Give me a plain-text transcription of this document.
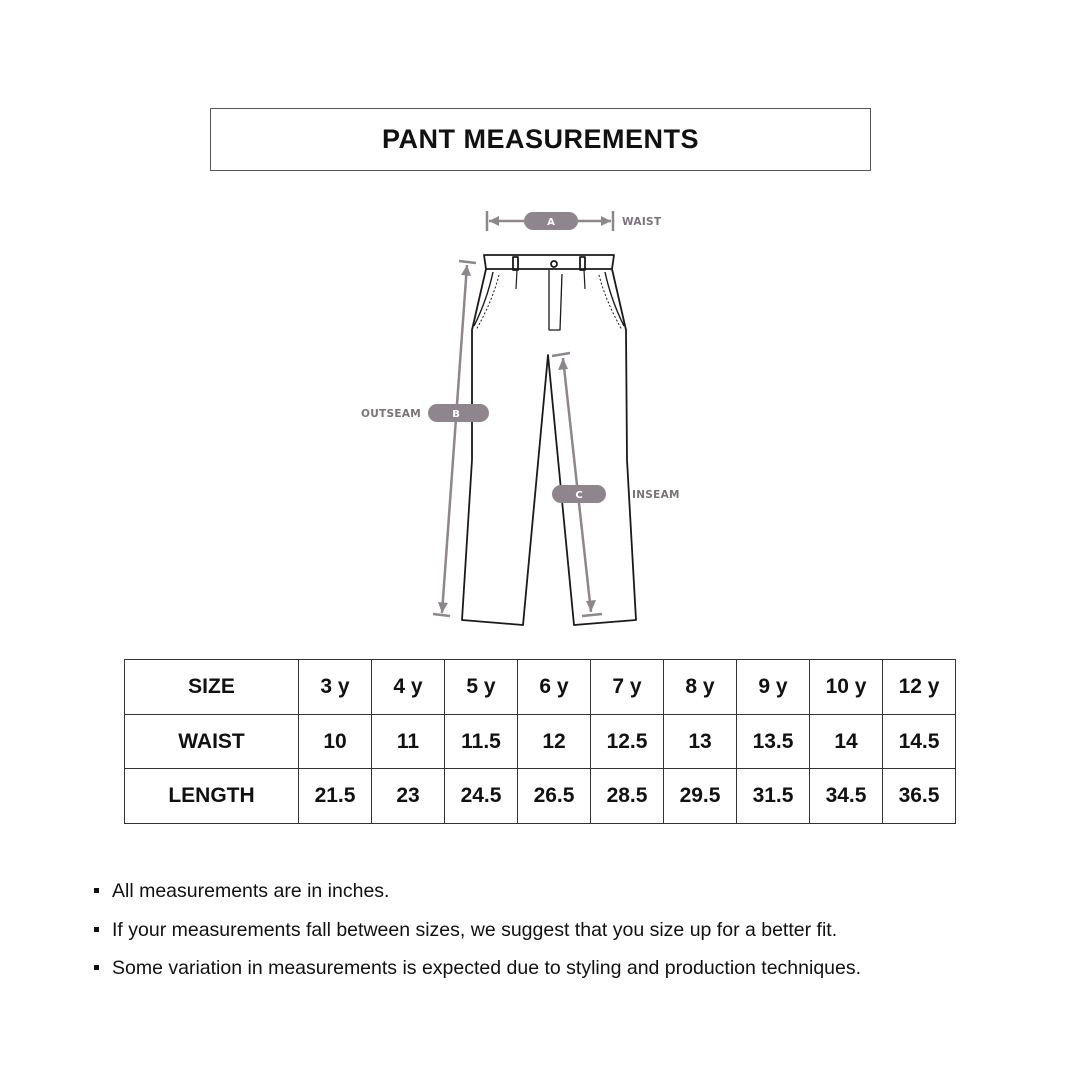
PANT MEASUREMENTS
A	WAIST
B
OUTSEAM
C	INSEAM
SIZE	3 y	4 y	5 y	6 y	7 y	8 y	9 y	10 y	12 y
WAIST	10	11	11.5	12	12.5	13	13.5	14	14.5
LENGTH	21.5	23	24.5	26.5	28.5	29.5	31.5	34.5	36.5
All measurements are in inches.
If your measurements fall between sizes, we suggest that you size up for a better fit.
Some variation in measurements is expected due to styling and production techniques.
